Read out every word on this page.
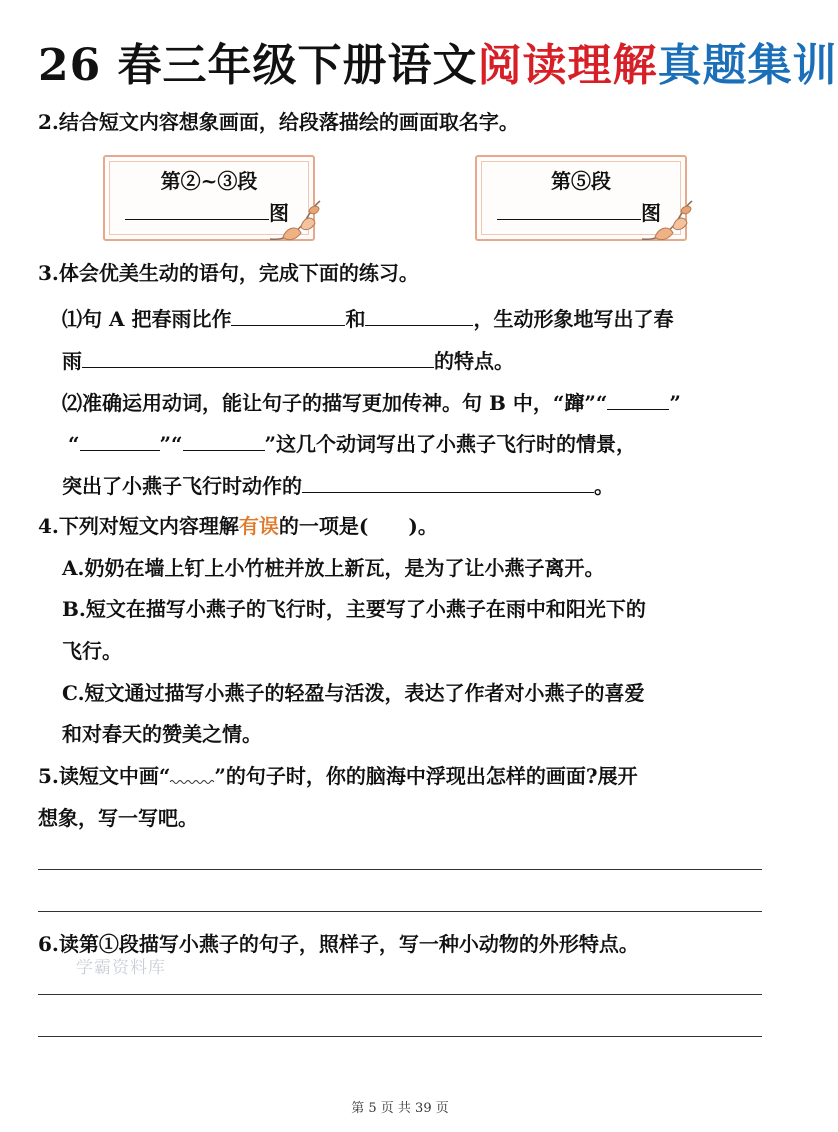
26 春三年级下册语文阅读理解真题集训
2.结合短文内容想象画面，给段落描绘的画面取名字。
第②~③段
图
第⑤段
图
3.体会优美生动的语句，完成下面的练习。
⑴句 A 把春雨比作	和	，生动形象地写出了春
雨	的特点。
⑵准确运用动词，能让句子的描写更加传神。句 B 中，“蹿”“	”
“	”“	”这几个动词写出了小燕子飞行时的情景，
突出了小燕子飞行时动作的	。
4.下列对短文内容理解有误的一项是(　　)。
A.奶奶在墙上钉上小竹桩并放上新瓦，是为了让小燕子离开。
B.短文在描写小燕子的飞行时，主要写了小燕子在雨中和阳光下的
飞行。
C.短文通过描写小燕子的轻盈与活泼，表达了作者对小燕子的喜爱
和对春天的赞美之情。
5.读短文中画“ ”的句子时，你的脑海中浮现出怎样的画面?展开
想象，写一写吧。
6.读第①段描写小燕子的句子，照样子，写一种小动物的外形特点。
学霸资料库
第 5 页 共 39 页
